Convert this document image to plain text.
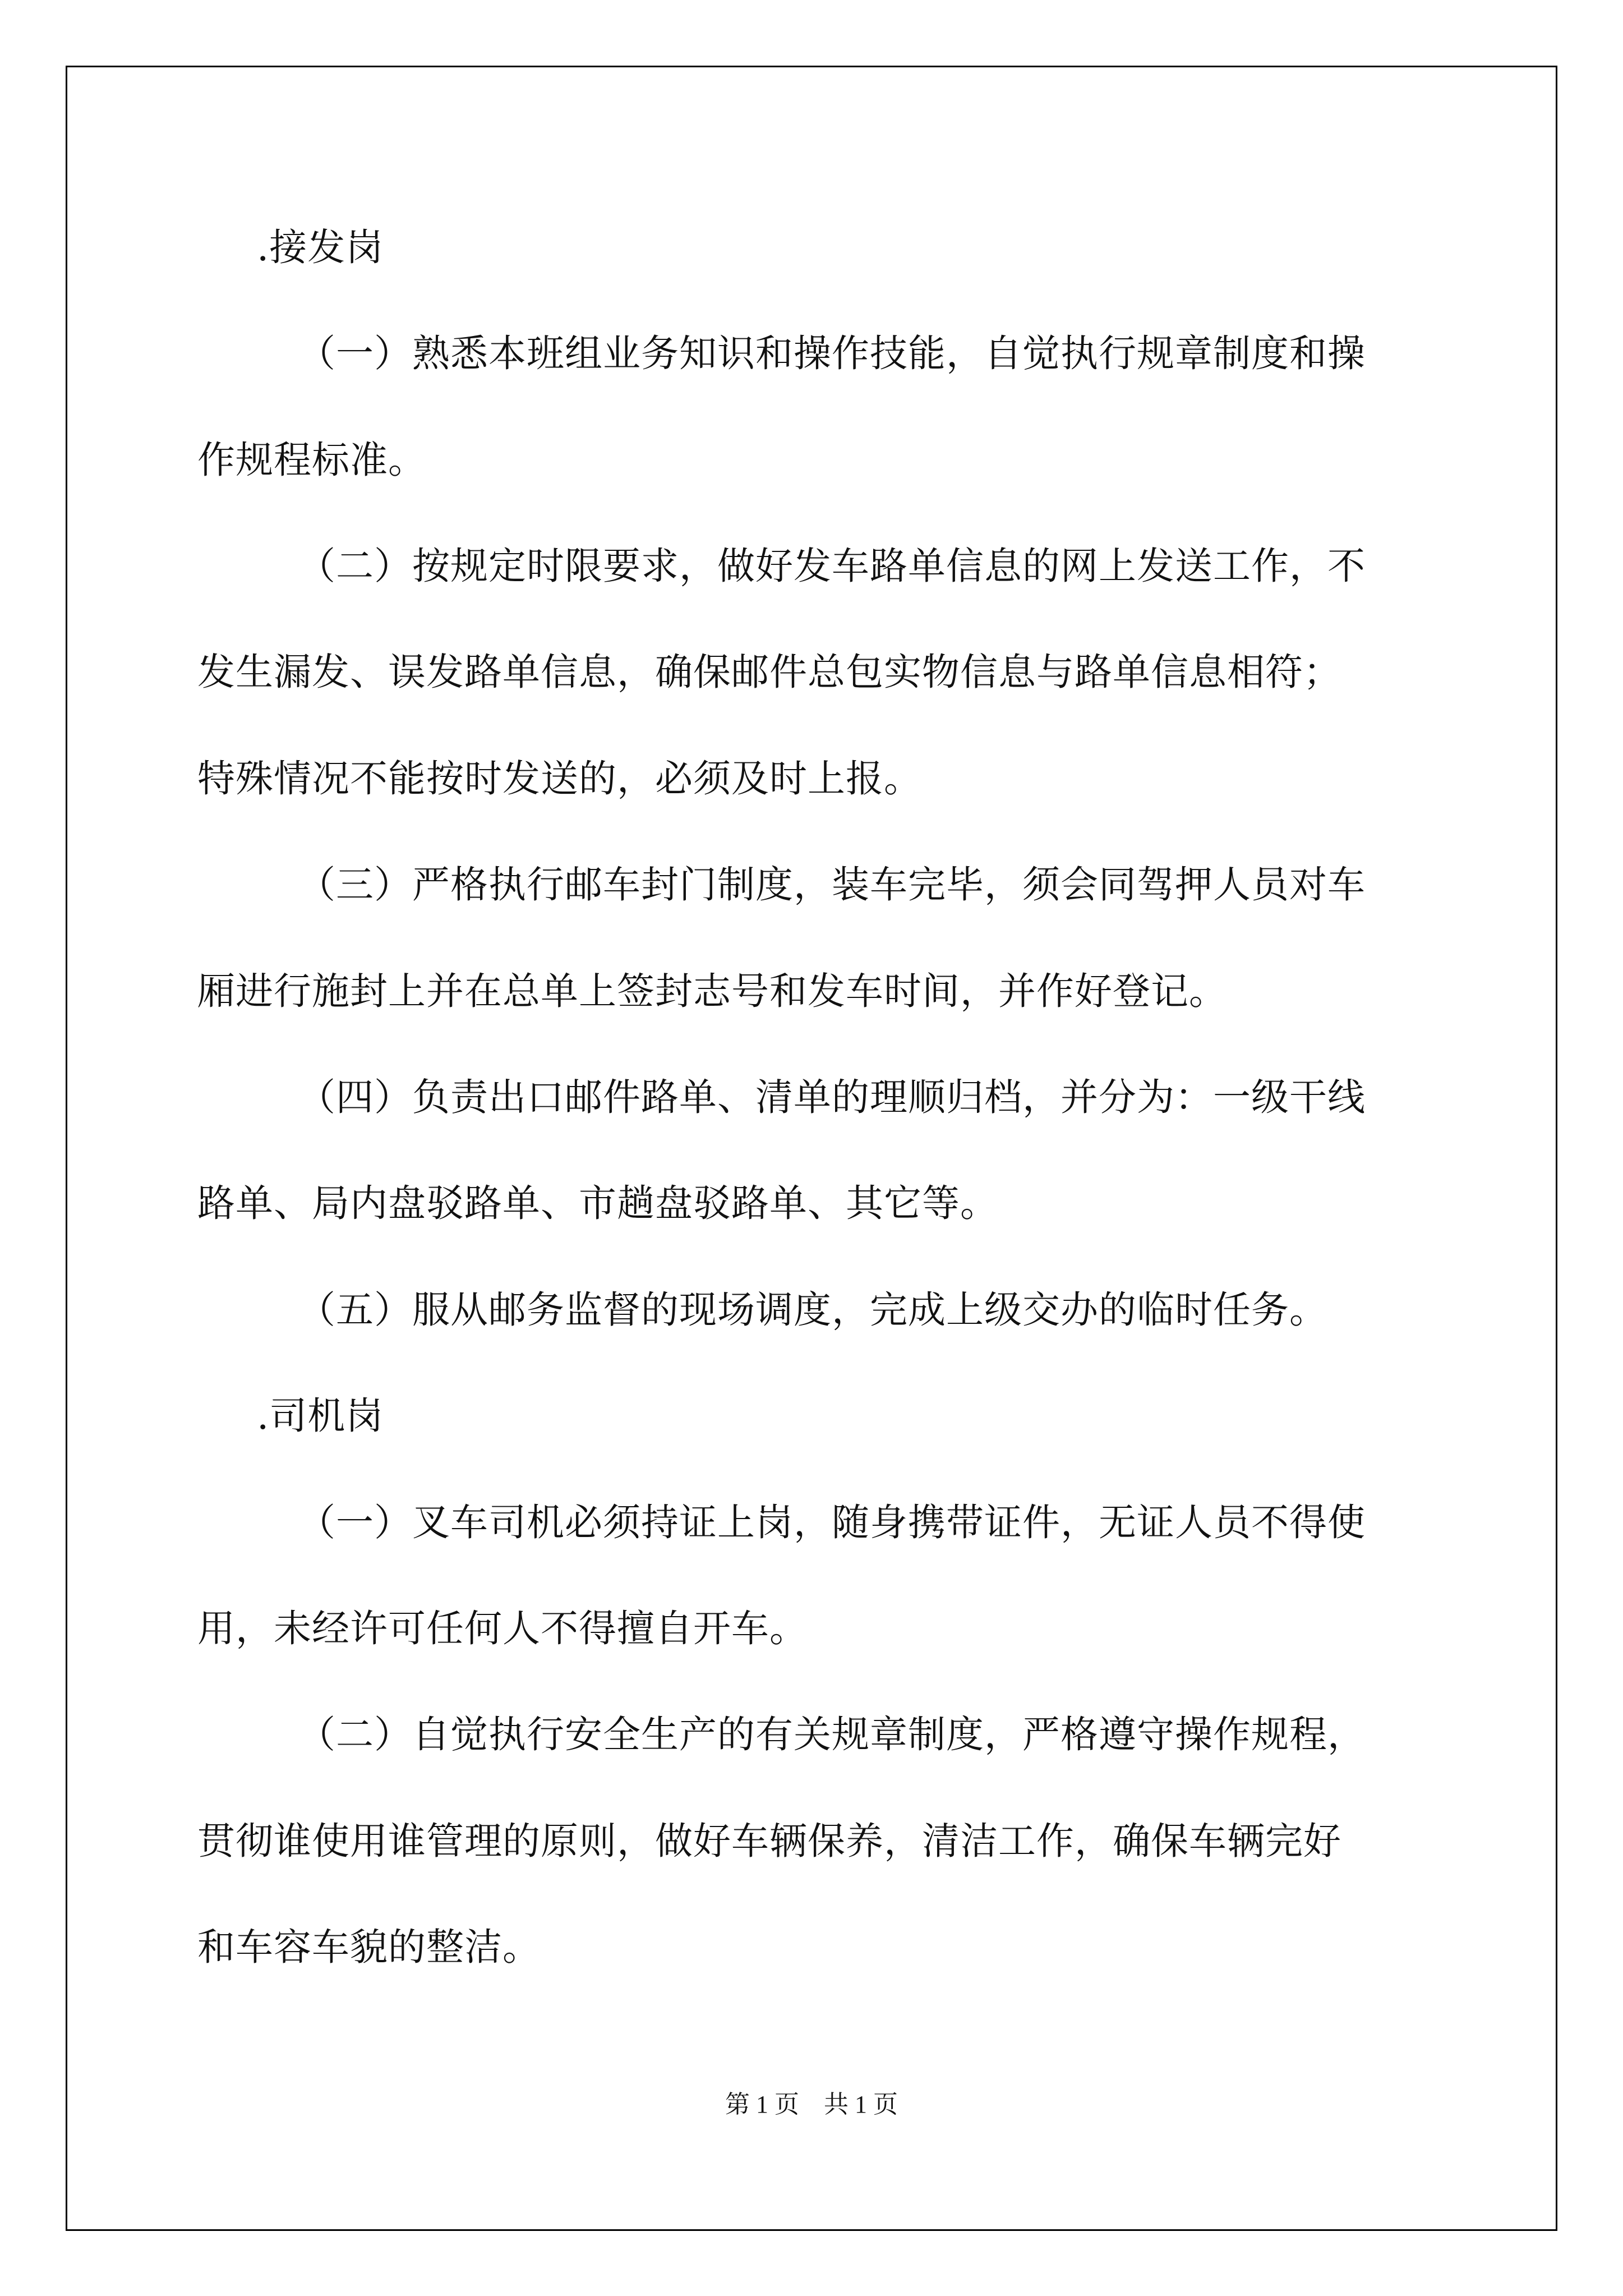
.接发岗

（一）熟悉本班组业务知识和操作技能，自觉执行规章制度和操

作规程标准。

（二）按规定时限要求，做好发车路单信息的网上发送工作，不

发生漏发、误发路单信息，确保邮件总包实物信息与路单信息相符；

特殊情况不能按时发送的，必须及时上报。

（三）严格执行邮车封门制度，装车完毕，须会同驾押人员对车

厢进行施封上并在总单上签封志号和发车时间，并作好登记。

（四）负责出口邮件路单、清单的理顺归档，并分为：一级干线

路单、局内盘驳路单、市趟盘驳路单、其它等。

（五）服从邮务监督的现场调度，完成上级交办的临时任务。

.司机岗

（一）叉车司机必须持证上岗，随身携带证件，无证人员不得使

用，未经许可任何人不得擅自开车。

（二）自觉执行安全生产的有关规章制度，严格遵守操作规程，

贯彻谁使用谁管理的原则，做好车辆保养，清洁工作，确保车辆完好

和车容车貌的整洁。

第 1 页　共 1 页
